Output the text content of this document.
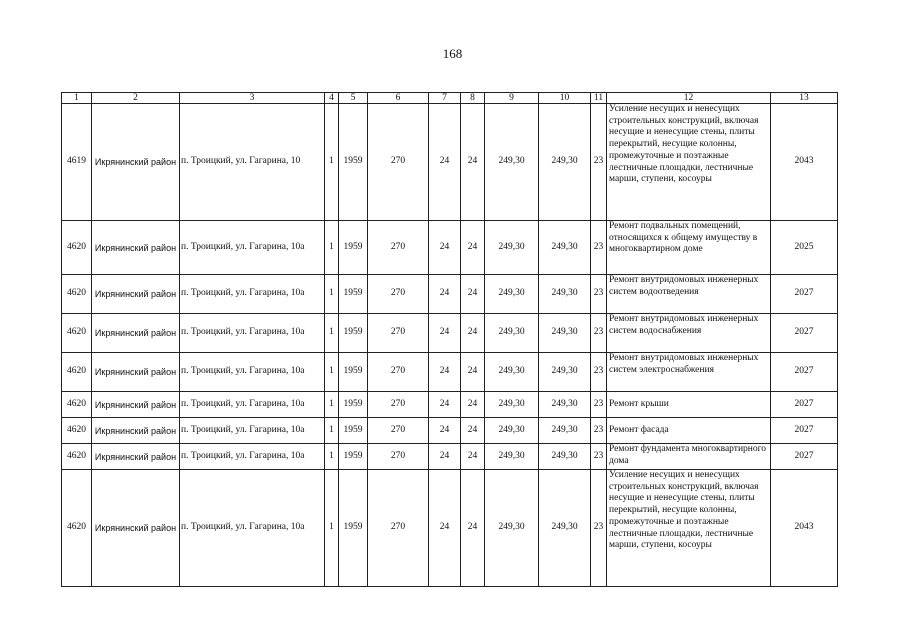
168
1	2	3	4	5	6	7	8	9	10	11	12	13
4619	Икрянинский район	п. Троицкий, ул. Гагарина, 10	1	1959	270	24	24	249,30	249,30	23	Усиление несущих и ненесущих строительных конструкций, включая несущие и ненесущие стены, плиты перекрытий, несущие колонны, промежуточные и поэтажные лестничные площадки, лестничные марши, ступени, косоуры	2043
4620	Икрянинский район	п. Троицкий, ул. Гагарина, 10а	1	1959	270	24	24	249,30	249,30	23	Ремонт подвальных помещений, относящихся к общему имуществу в многоквартирном доме	2025
4620	Икрянинский район	п. Троицкий, ул. Гагарина, 10а	1	1959	270	24	24	249,30	249,30	23	Ремонт внутридомовых инженерных систем водоотведения	2027
4620	Икрянинский район	п. Троицкий, ул. Гагарина, 10а	1	1959	270	24	24	249,30	249,30	23	Ремонт внутридомовых инженерных систем водоснабжения	2027
4620	Икрянинский район	п. Троицкий, ул. Гагарина, 10а	1	1959	270	24	24	249,30	249,30	23	Ремонт внутридомовых инженерных систем электроснабжения	2027
4620	Икрянинский район	п. Троицкий, ул. Гагарина, 10а	1	1959	270	24	24	249,30	249,30	23	Ремонт крыши	2027
4620	Икрянинский район	п. Троицкий, ул. Гагарина, 10а	1	1959	270	24	24	249,30	249,30	23	Ремонт фасада	2027
4620	Икрянинский район	п. Троицкий, ул. Гагарина, 10а	1	1959	270	24	24	249,30	249,30	23	Ремонт фундамента многоквартирного дома	2027
4620	Икрянинский район	п. Троицкий, ул. Гагарина, 10а	1	1959	270	24	24	249,30	249,30	23	Усиление несущих и ненесущих строительных конструкций, включая несущие и ненесущие стены, плиты перекрытий, несущие колонны, промежуточные и поэтажные лестничные площадки, лестничные марши, ступени, косоуры	2043
